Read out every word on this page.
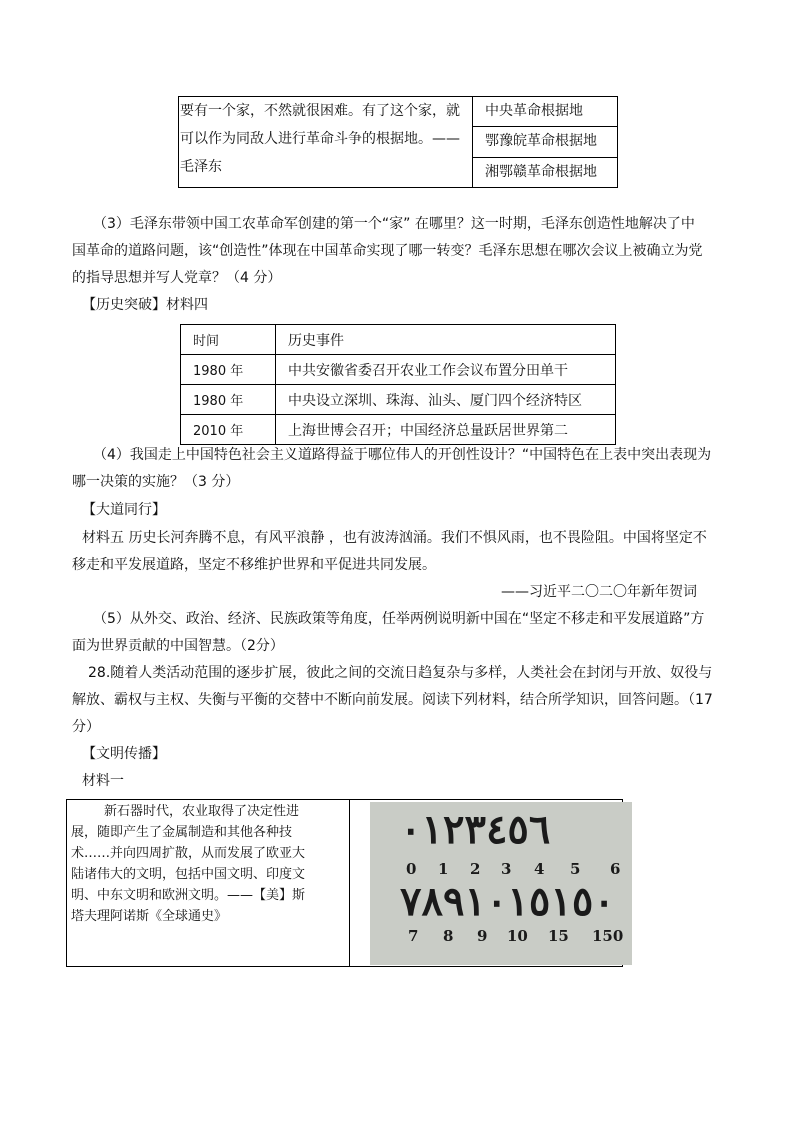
要有一个家，不然就很困难。有了这个家，就可以作为同敌人进行革命斗争的根据地。——毛泽东	中央革命根据地
鄂豫皖革命根据地
湘鄂赣革命根据地
（3）毛泽东带领中国工农革命军创建的第一个“家” 在哪里？这一时期，毛泽东创造性地解决了中
国革命的道路问题，该“创造性”体现在中国革命实现了哪一转变？毛泽东思想在哪次会议上被确立为党
的指导思想并写人党章？（4 分）
【历史突破】材料四
时间	历史事件
1980 年	中共安徽省委召开农业工作会议布置分田单干
1980 年	中央设立深圳、珠海、汕头、厦门四个经济特区
2010 年	上海世博会召开；中国经济总量跃居世界第二
（4）我国走上中国特色社会主义道路得益于哪位伟人的开创性设计？“中国特色在上表中突出表现为
哪一决策的实施？（3 分）
【大道同行】
材料五 历史长河奔腾不息，有风平浪静 ，也有波涛汹涌。我们不惧风雨，也不畏险阻。中国将坚定不
移走和平发展道路，坚定不移维护世界和平促进共同发展。
——习近平二〇二〇年新年贺词
（5）从外交、政治、经济、民族政策等角度，任举两例说明新中国在“坚定不移走和平发展道路”方
面为世界贡献的中国智慧。（2分）
28.随着人类活动范围的逐步扩展，彼此之间的交流日趋复杂与多样，人类社会在封闭与开放、奴役与
解放、霸权与主权、失衡与平衡的交替中不断向前发展。阅读下列材料，结合所学知识，回答问题。（17
分）
【文明传播】
材料一
新石器时代，农业取得了决定性进
展，随即产生了金属制造和其他各种技
术……并向四周扩散，从而发展了欧亚大
陆诸伟大的文明，包括中国文明、印度文
明、中东文明和欧洲文明。——【美】斯
塔夫理阿诺斯《全球通史》

٠١٢٣٤٥٦
0 1 2 3 4 5 6
٧٨٩١٠١٥١٥٠
7 8 9 10 15 150
